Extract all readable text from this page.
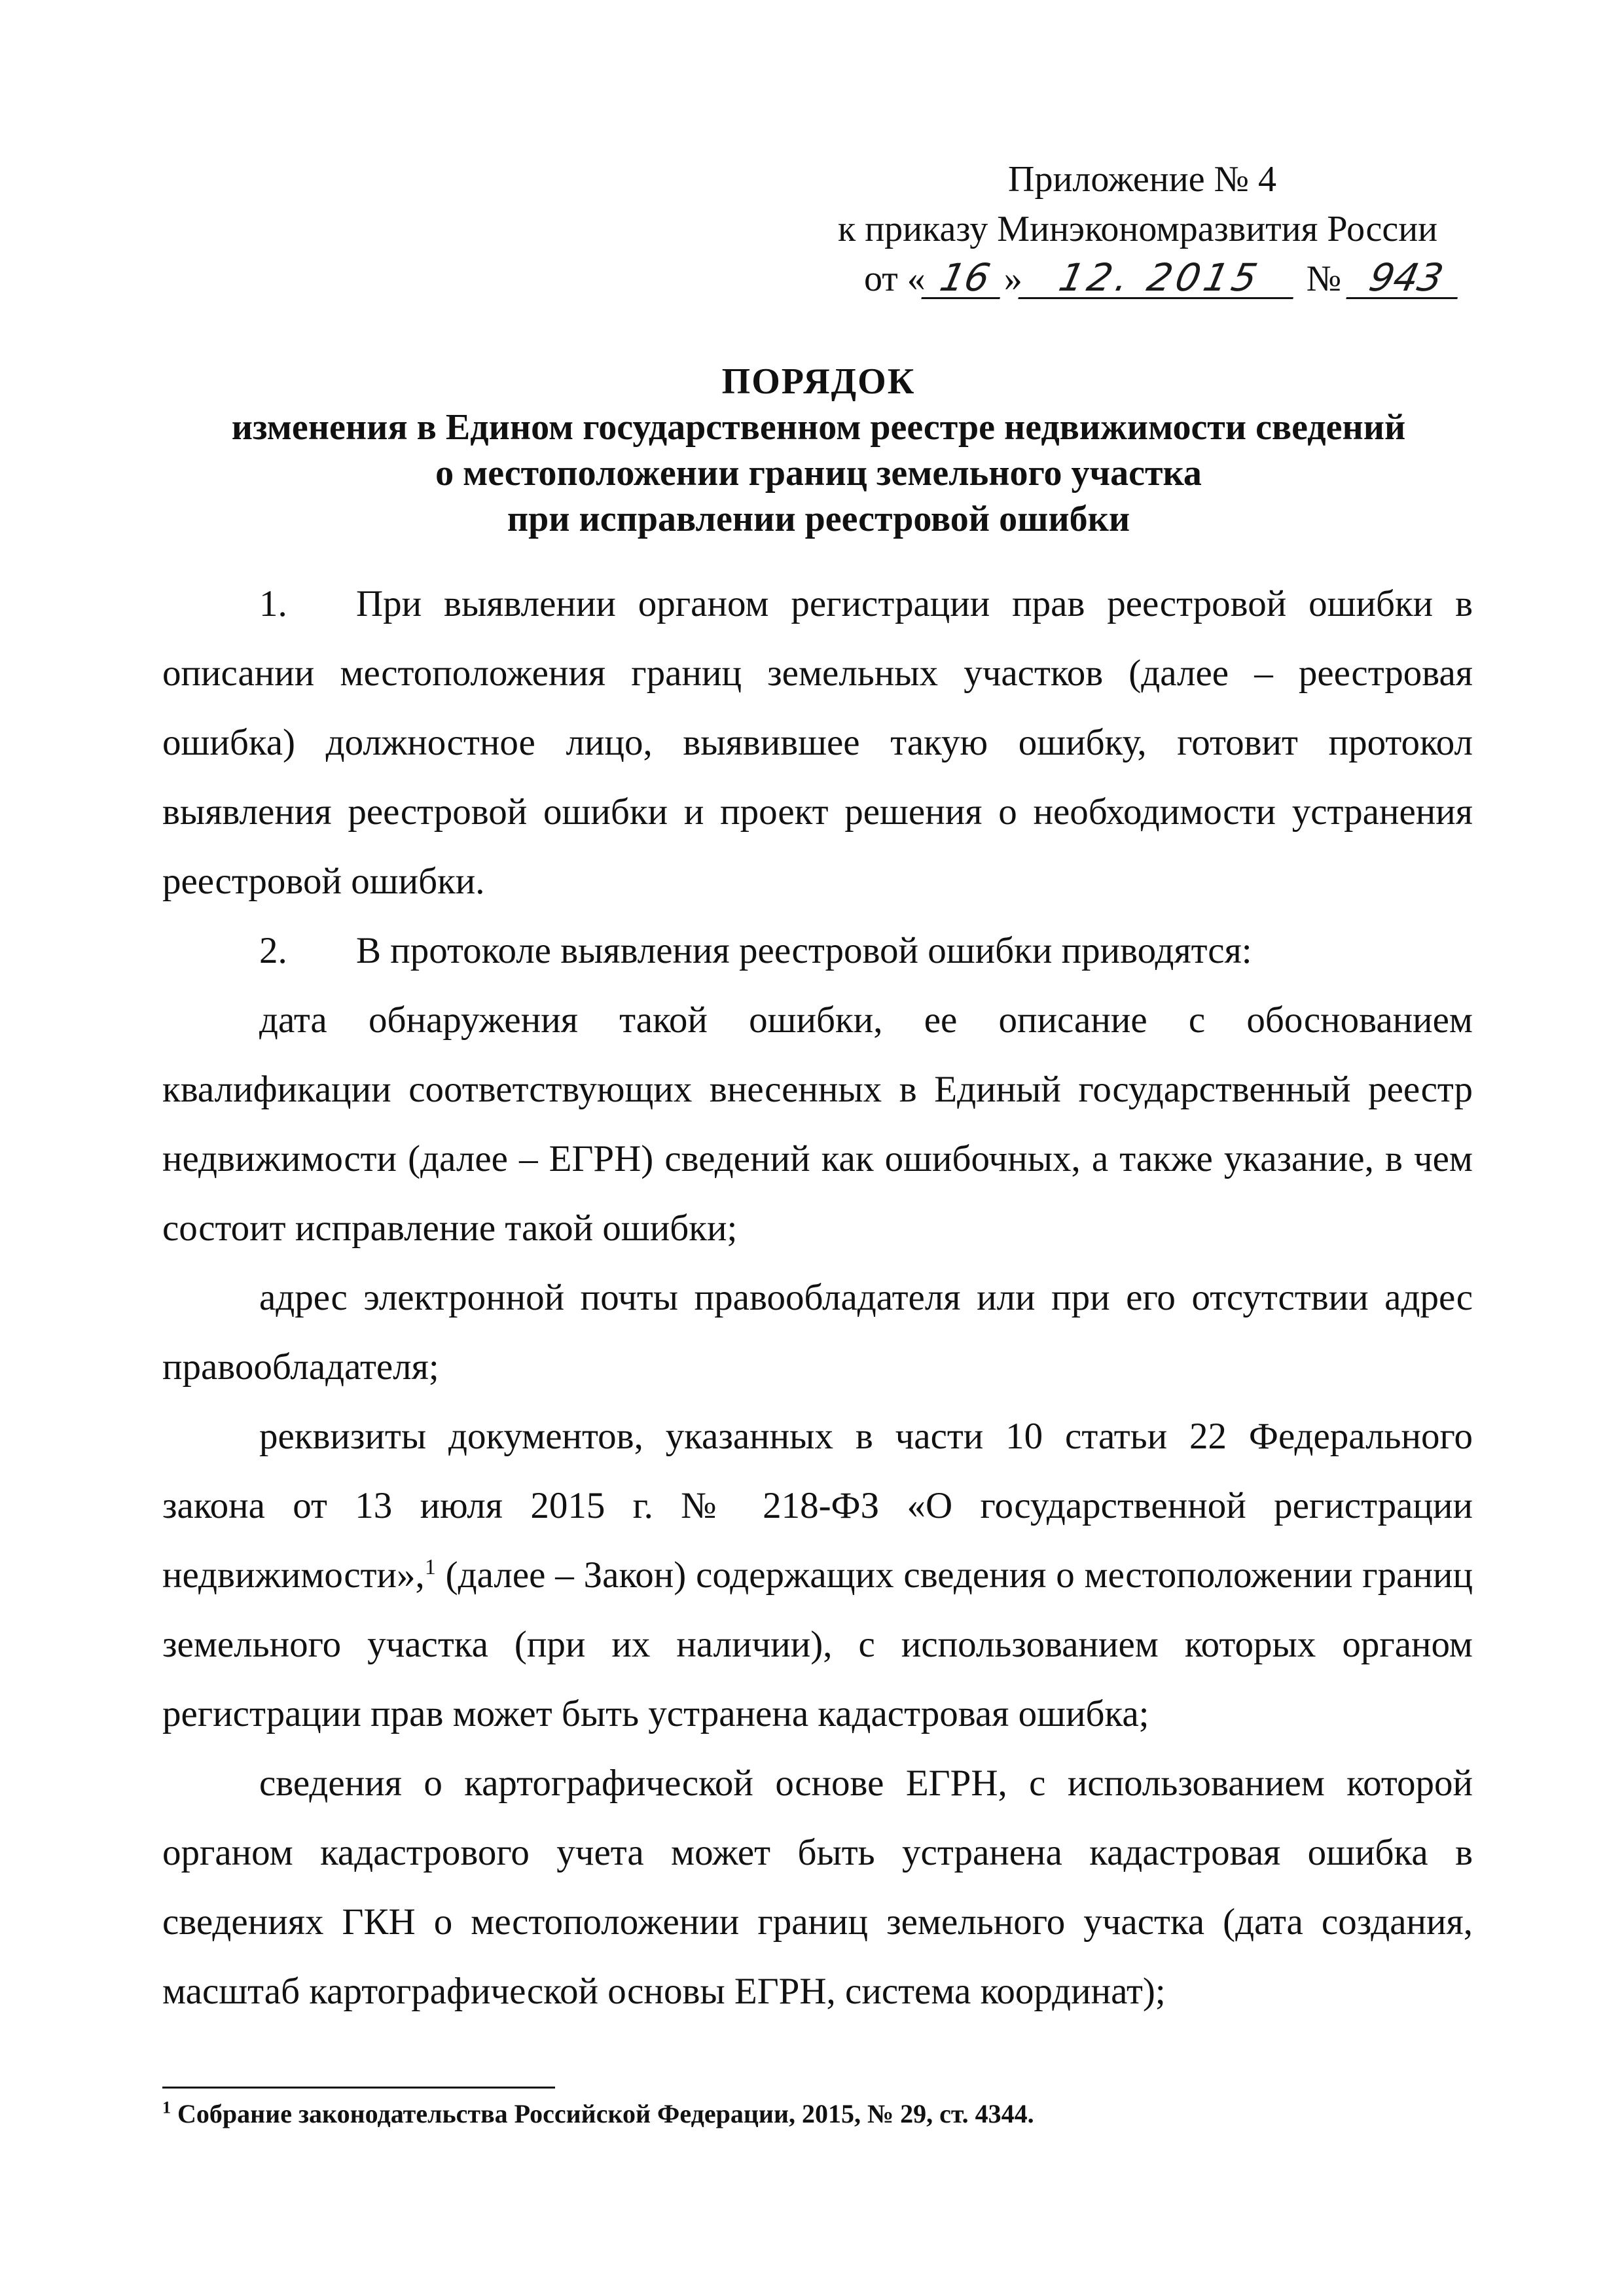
Приложение № 4
к приказу Минэкономразвития России
от « 16 » 12. 2015 № 943
ПОРЯДОК
изменения в Едином государственном реестре недвижимости сведений
о местоположении границ земельного участка
при исправлении реестровой ошибки

1. При выявлении органом регистрации прав реестровой ошибки в описании местоположения границ земельных участков (далее – реестровая ошибка) должностное лицо, выявившее такую ошибку, готовит протокол выявления реестровой ошибки и проект решения о необходимости устранения реестровой ошибки.

2. В протоколе выявления реестровой ошибки приводятся:

дата обнаружения такой ошибки, ее описание с обоснованием квалификации соответствующих внесенных в Единый государственный реестр недвижимости (далее – ЕГРН) сведений как ошибочных, а также указание, в чем состоит исправление такой ошибки;

адрес электронной почты правообладателя или при его отсутствии адрес правообладателя;

реквизиты документов, указанных в части 10 статьи 22 Федерального закона от 13 июля 2015 г. № 218-ФЗ «О государственной регистрации недвижимости»,$^1$ (далее – Закон) содержащих сведения о местоположении границ земельного участка (при их наличии), с использованием которых органом регистрации прав может быть устранена кадастровая ошибка;

сведения о картографической основе ЕГРН, с использованием которой органом кадастрового учета может быть устранена кадастровая ошибка в сведениях ГКН о местоположении границ земельного участка (дата создания, масштаб картографической основы ЕГРН, система координат);

$^1$ Собрание законодательства Российской Федерации, 2015, № 29, ст. 4344.
